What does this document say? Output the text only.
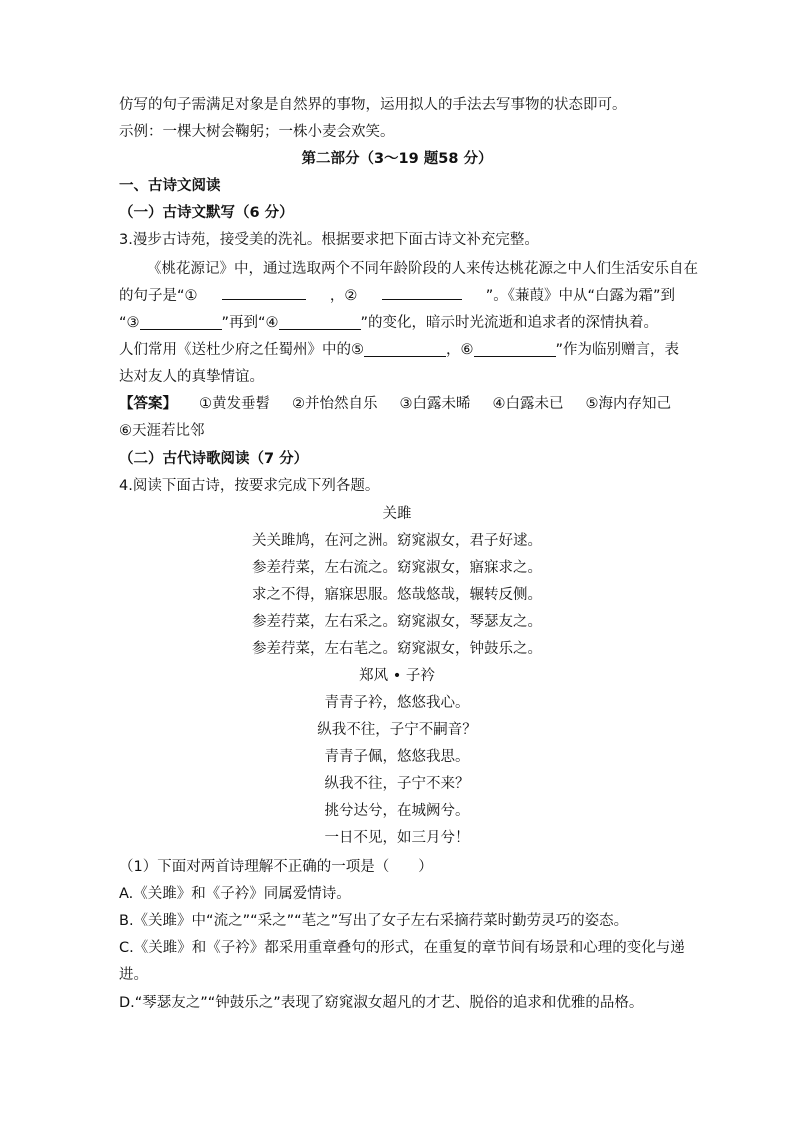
仿写的句子需满足对象是自然界的事物，运用拟人的手法去写事物的状态即可。
示例：一棵大树会鞠躬；一株小麦会欢笑。
第二部分（3～19 题58 分）
一、古诗文阅读
（一）古诗文默写（6 分）
3.漫步古诗苑，接受美的洗礼。根据要求把下面古诗文补充完整。
《桃花源记》中，通过选取两个不同年龄阶段的人来传达桃花源之中人们生活安乐自在
的句子是“①	，②	”。《蒹葭》中从“白露为霜”到
“③	”再到“④	”的变化，暗示时光流逝和追求者的深情执着。
人们常用《送杜少府之任蜀州》中的⑤	，⑥	”作为临别赠言，表
达对友人的真挚情谊。
【答案】 ①黄发垂髫 ②并怡然自乐 ③白露未晞 ④白露未已 ⑤海内存知己
⑥天涯若比邻
（二）古代诗歌阅读（7 分）
4.阅读下面古诗，按要求完成下列各题。
关雎
关关雎鸠，在河之洲。窈窕淑女，君子好逑。
参差荇菜，左右流之。窈窕淑女，寤寐求之。
求之不得，寤寐思服。悠哉悠哉，辗转反侧。
参差荇菜，左右采之。窈窕淑女，琴瑟友之。
参差荇菜，左右芼之。窈窕淑女，钟鼓乐之。
郑风 • 子衿
青青子衿，悠悠我心。
纵我不往，子宁不嗣音？
青青子佩，悠悠我思。
纵我不往，子宁不来？
挑兮达兮，在城阙兮。
一日不见，如三月兮！
（1）下面对两首诗理解不正确的一项是（　　）
A.《关雎》和《子衿》同属爱情诗。
B.《关雎》中“流之”“采之”“芼之”写出了女子左右采摘荇菜时勤劳灵巧的姿态。
C.《关雎》和《子衿》都采用重章叠句的形式，在重复的章节间有场景和心理的变化与递
进。
D.“琴瑟友之”“钟鼓乐之”表现了窈窕淑女超凡的才艺、脱俗的追求和优雅的品格。
